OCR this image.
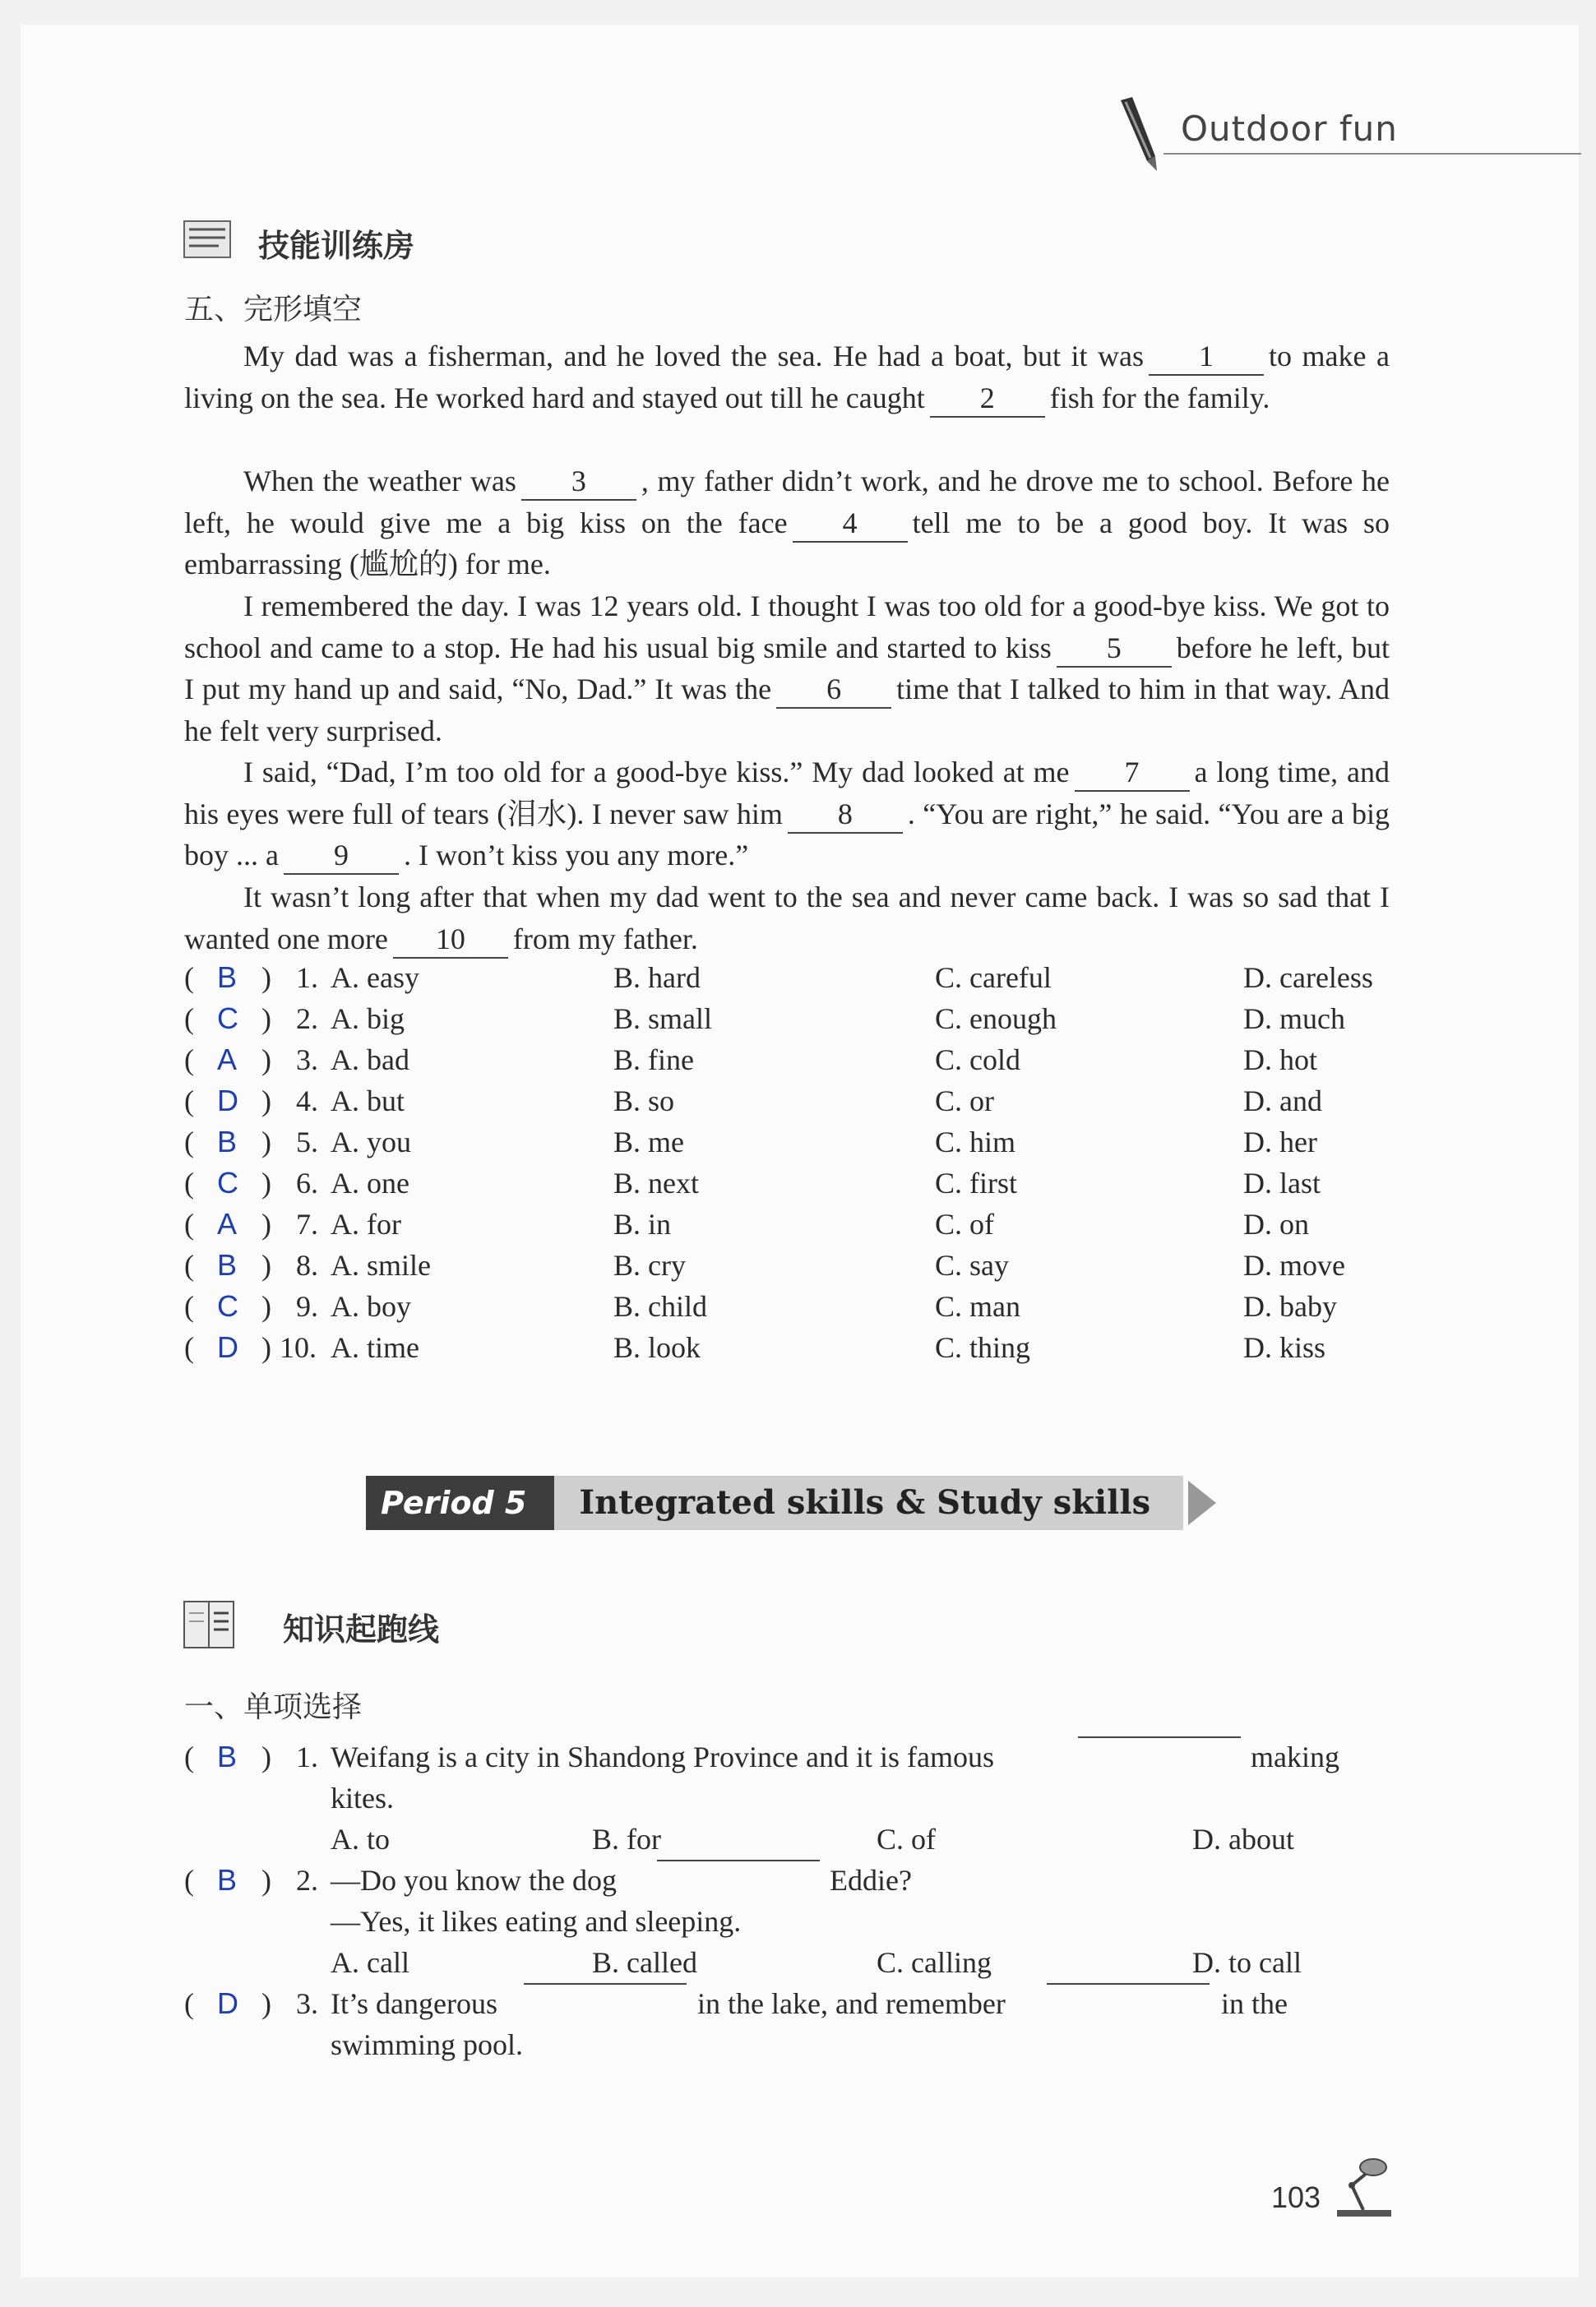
Outdoor fun
技能训练房
五、完形填空
My dad was a fisherman, and he loved the sea. He had a boat, but it was 1 to make a living on the sea. He worked hard and stayed out till he caught 2 fish for the family.
When the weather was 3 , my father didn’t work, and he drove me to school. Before he left, he would give me a big kiss on the face 4 tell me to be a good boy. It was so embarrassing (尴尬的) for me.
I remembered the day. I was 12 years old. I thought I was too old for a good-bye kiss. We got to school and came to a stop. He had his usual big smile and started to kiss 5 before he left, but I put my hand up and said, “No, Dad.” It was the 6 time that I talked to him in that way. And he felt very surprised.
I said, “Dad, I’m too old for a good-bye kiss.” My dad looked at me 7 a long time, and his eyes were full of tears (泪水). I never saw him 8 . “You are right,” he said. “You are a big boy ... a 9 . I won’t kiss you any more.”
It wasn’t long after that when my dad went to the sea and never came back. I was so sad that I wanted one more 10 from my father.
( B ) 1. A. easy	B. hard	C. careful	D. careless
( C ) 2. A. big	B. small	C. enough	D. much
( A ) 3. A. bad	B. fine	C. cold	D. hot
( D ) 4. A. but	B. so	C. or	D. and
( B ) 5. A. you	B. me	C. him	D. her
( C ) 6. A. one	B. next	C. first	D. last
( A ) 7. A. for	B. in	C. of	D. on
( B ) 8. A. smile	B. cry	C. say	D. move
( C ) 9. A. boy	B. child	C. man	D. baby
( D ) 10. A. time	B. look	C. thing	D. kiss
Period 5	Integrated skills & Study skills
知识起跑线
一、单项选择
( B ) 1. Weifang is a city in Shandong Province and it is famous	making
kites.
A. to	B. for	C. of	D. about
( B ) 2. —Do you know the dog	Eddie?
—Yes, it likes eating and sleeping.
A. call	B. called	C. calling	D. to call
( D ) 3. It’s dangerous	in the lake, and remember	in the
swimming pool.
103
